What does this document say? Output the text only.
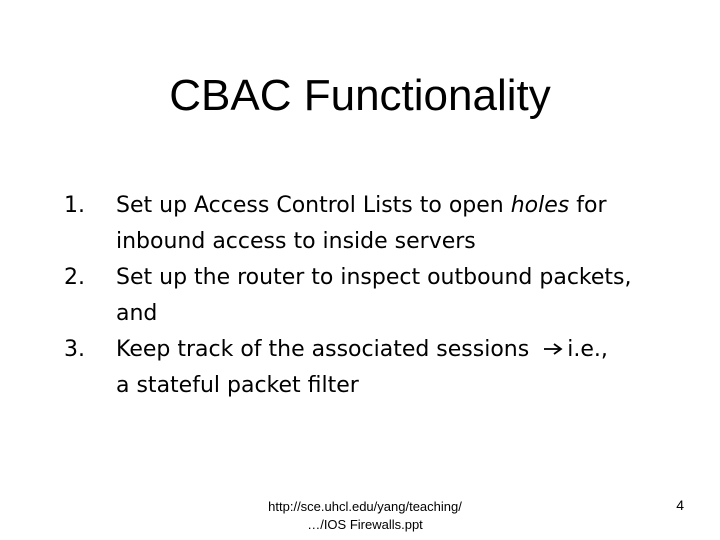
CBAC Functionality
1. Set up Access Control Lists to open holes for
inbound access to inside servers
2. Set up the router to inspect outbound packets,
and
3. Keep track of the associated sessions i.e.,
a stateful packet filter
http://sce.uhcl.edu/yang/teaching/
…/IOS Firewalls.ppt
4
